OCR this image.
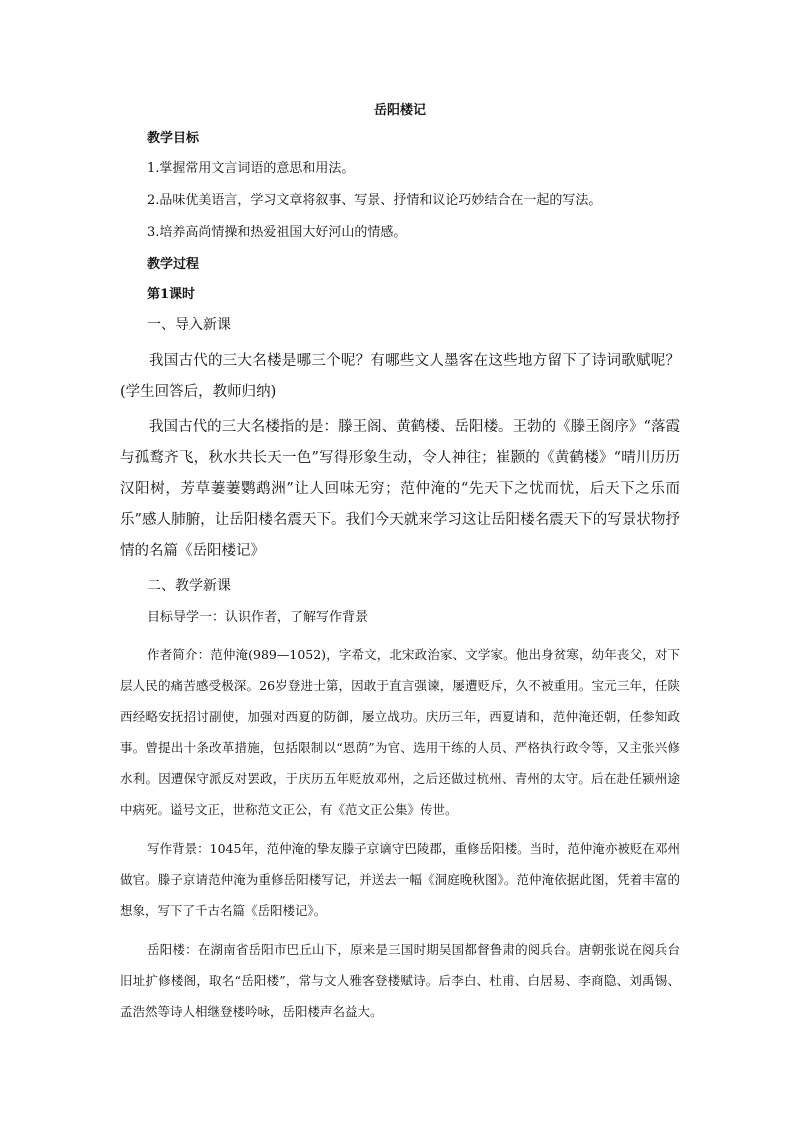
岳阳楼记
教学目标
1.掌握常用文言词语的意思和用法。
2.品味优美语言，学习文章将叙事、写景、抒情和议论巧妙结合在一起的写法。
3.培养高尚情操和热爱祖国大好河山的情感。
教学过程
第1课时
一、导入新课

我国古代的三大名楼是哪三个呢？有哪些文人墨客在这些地方留下了诗词歌赋呢？(学生回答后，教师归纳)

我国古代的三大名楼指的是：滕王阁、黄鹤楼、岳阳楼。王勃的《滕王阁序》“落霞与孤鹜齐飞，秋水共长天一色”写得形象生动，令人神往；崔颢的《黄鹤楼》“晴川历历汉阳树，芳草萋萋鹦鹉洲”让人回味无穷；范仲淹的“先天下之忧而忧，后天下之乐而乐”感人肺腑，让岳阳楼名震天下。我们今天就来学习这让岳阳楼名震天下的写景状物抒情的名篇《岳阳楼记》

二、教学新课
目标导学一：认识作者，了解写作背景

作者简介：范仲淹(989—1052)，字希文，北宋政治家、文学家。他出身贫寒，幼年丧父，对下层人民的痛苦感受极深。26岁登进士第，因敢于直言强谏，屡遭贬斥，久不被重用。宝元三年，任陕西经略安抚招讨副使，加强对西夏的防御，屡立战功。庆历三年，西夏请和，范仲淹还朝，任参知政事。曾提出十条改革措施，包括限制以“恩荫”为官、选用干练的人员、严格执行政令等，又主张兴修水利。因遭保守派反对罢政，于庆历五年贬放邓州，之后还做过杭州、青州的太守。后在赴任颍州途中病死。谥号文正，世称范文正公，有《范文正公集》传世。

写作背景：1045年，范仲淹的挚友滕子京谪守巴陵郡，重修岳阳楼。当时，范仲淹亦被贬在邓州做官。滕子京请范仲淹为重修岳阳楼写记，并送去一幅《洞庭晚秋图》。范仲淹依据此图，凭着丰富的想象，写下了千古名篇《岳阳楼记》。

岳阳楼：在湖南省岳阳市巴丘山下，原来是三国时期吴国都督鲁肃的阅兵台。唐朝张说在阅兵台旧址扩修楼阁，取名“岳阳楼”，常与文人雅客登楼赋诗。后李白、杜甫、白居易、李商隐、刘禹锡、孟浩然等诗人相继登楼吟咏，岳阳楼声名益大。
